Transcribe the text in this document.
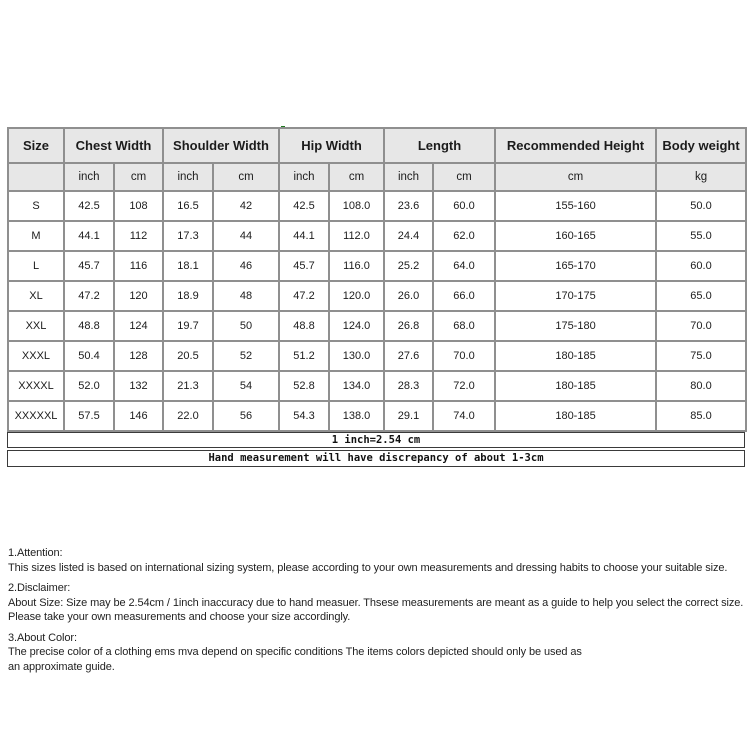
Size	Chest Width		Shoulder Width		Hip Width		Length		Recommended Height	Body weight
	inch	cm	inch	cm	inch	cm	inch	cm	cm	kg
S	42.5	108	16.5	42	42.5	108.0	23.6	60.0	155-160	50.0
M	44.1	112	17.3	44	44.1	112.0	24.4	62.0	160-165	55.0
L	45.7	116	18.1	46	45.7	116.0	25.2	64.0	165-170	60.0
XL	47.2	120	18.9	48	47.2	120.0	26.0	66.0	170-175	65.0
XXL	48.8	124	19.7	50	48.8	124.0	26.8	68.0	175-180	70.0
XXXL	50.4	128	20.5	52	51.2	130.0	27.6	70.0	180-185	75.0
XXXXL	52.0	132	21.3	54	52.8	134.0	28.3	72.0	180-185	80.0
XXXXXL	57.5	146	22.0	56	54.3	138.0	29.1	74.0	180-185	85.0
1 inch=2.54 cm
Hand measurement will have discrepancy of about 1-3cm
1.Attention:
This sizes listed is based on international sizing system, please according to your own measurements and dressing habits to choose your suitable size.
2.Disclaimer:
About Size: Size may be 2.54cm / 1inch inaccuracy due to hand measuer. Thsese measurements are meant as a guide to help you select the correct size.
Please take your own measurements and choose your size accordingly.
3.About Color:
The precise color of a clothing ems mva depend on specific conditions The items colors depicted should only be used as
an approximate guide.
